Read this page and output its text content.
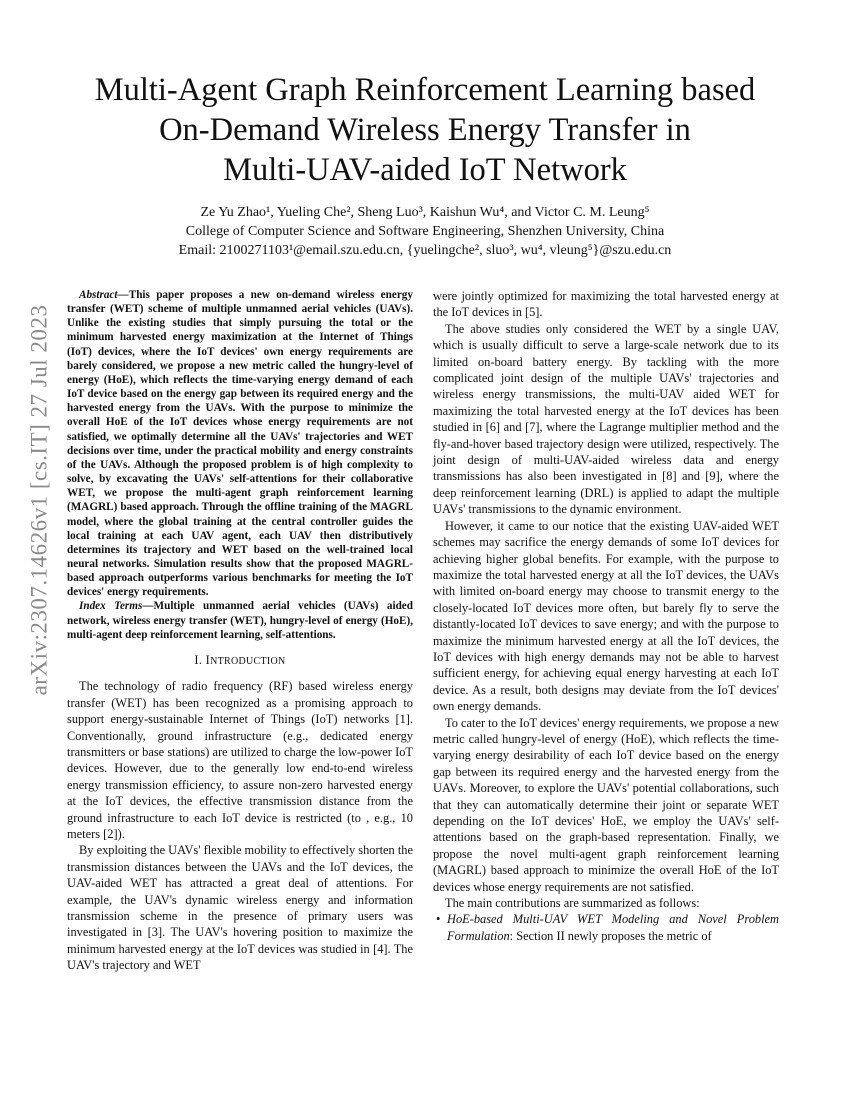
arXiv:2307.14626v1 [cs.IT] 27 Jul 2023
Multi-Agent Graph Reinforcement Learning based
On-Demand Wireless Energy Transfer in
Multi-UAV-aided IoT Network
Ze Yu Zhao¹, Yueling Che², Sheng Luo³, Kaishun Wu⁴, and Victor C. M. Leung⁵
College of Computer Science and Software Engineering, Shenzhen University, China
Email: 2100271103¹@email.szu.edu.cn, {yuelingche², sluo³, wu⁴, vleung⁵}@szu.edu.cn

Abstract—This paper proposes a new on-demand wireless energy transfer (WET) scheme of multiple unmanned aerial vehicles (UAVs). Unlike the existing studies that simply pursuing the total or the minimum harvested energy maximization at the Internet of Things (IoT) devices, where the IoT devices' own energy requirements are barely considered, we propose a new metric called the hungry-level of energy (HoE), which reflects the time-varying energy demand of each IoT device based on the energy gap between its required energy and the harvested energy from the UAVs. With the purpose to minimize the overall HoE of the IoT devices whose energy requirements are not satisfied, we optimally determine all the UAVs' trajectories and WET decisions over time, under the practical mobility and energy constraints of the UAVs. Although the proposed problem is of high complexity to solve, by excavating the UAVs' self-attentions for their collaborative WET, we propose the multi-agent graph reinforcement learning (MAGRL) based approach. Through the offline training of the MAGRL model, where the global training at the central controller guides the local training at each UAV agent, each UAV then distributively determines its trajectory and WET based on the well-trained local neural networks. Simulation results show that the proposed MAGRL-based approach outperforms various benchmarks for meeting the IoT devices' energy requirements.

Index Terms—Multiple unmanned aerial vehicles (UAVs) aided network, wireless energy transfer (WET), hungry-level of energy (HoE), multi-agent deep reinforcement learning, self-attentions.

I. INTRODUCTION

The technology of radio frequency (RF) based wireless energy transfer (WET) has been recognized as a promising approach to support energy-sustainable Internet of Things (IoT) networks [1]. Conventionally, ground infrastructure (e.g., dedicated energy transmitters or base stations) are utilized to charge the low-power IoT devices. However, due to the generally low end-to-end wireless energy transmission efficiency, to assure non-zero harvested energy at the IoT devices, the effective transmission distance from the ground infrastructure to each IoT device is restricted (to , e.g., 10 meters [2]).

By exploiting the UAVs' flexible mobility to effectively shorten the transmission distances between the UAVs and the IoT devices, the UAV-aided WET has attracted a great deal of attentions. For example, the UAV's dynamic wireless energy and information transmission scheme in the presence of primary users was investigated in [3]. The UAV's hovering position to maximize the minimum harvested energy at the IoT devices was studied in [4]. The UAV's trajectory and WET

were jointly optimized for maximizing the total harvested energy at the IoT devices in [5].

The above studies only considered the WET by a single UAV, which is usually difficult to serve a large-scale network due to its limited on-board battery energy. By tackling with the more complicated joint design of the multiple UAVs' trajectories and wireless energy transmissions, the multi-UAV aided WET for maximizing the total harvested energy at the IoT devices has been studied in [6] and [7], where the Lagrange multiplier method and the fly-and-hover based trajectory design were utilized, respectively. The joint design of multi-UAV-aided wireless data and energy transmissions has also been investigated in [8] and [9], where the deep reinforcement learning (DRL) is applied to adapt the multiple UAVs' transmissions to the dynamic environment.

However, it came to our notice that the existing UAV-aided WET schemes may sacrifice the energy demands of some IoT devices for achieving higher global benefits. For example, with the purpose to maximize the total harvested energy at all the IoT devices, the UAVs with limited on-board energy may choose to transmit energy to the closely-located IoT devices more often, but barely fly to serve the distantly-located IoT devices to save energy; and with the purpose to maximize the minimum harvested energy at all the IoT devices, the IoT devices with high energy demands may not be able to harvest sufficient energy, for achieving equal energy harvesting at each IoT device. As a result, both designs may deviate from the IoT devices' own energy demands.

To cater to the IoT devices' energy requirements, we propose a new metric called hungry-level of energy (HoE), which reflects the time-varying energy desirability of each IoT device based on the energy gap between its required energy and the harvested energy from the UAVs. Moreover, to explore the UAVs' potential collaborations, such that they can automatically determine their joint or separate WET depending on the IoT devices' HoE, we employ the UAVs' self-attentions based on the graph-based representation. Finally, we propose the novel multi-agent graph reinforcement learning (MAGRL) based approach to minimize the overall HoE of the IoT devices whose energy requirements are not satisfied.

The main contributions are summarized as follows:

• HoE-based Multi-UAV WET Modeling and Novel Problem Formulation: Section II newly proposes the metric of
